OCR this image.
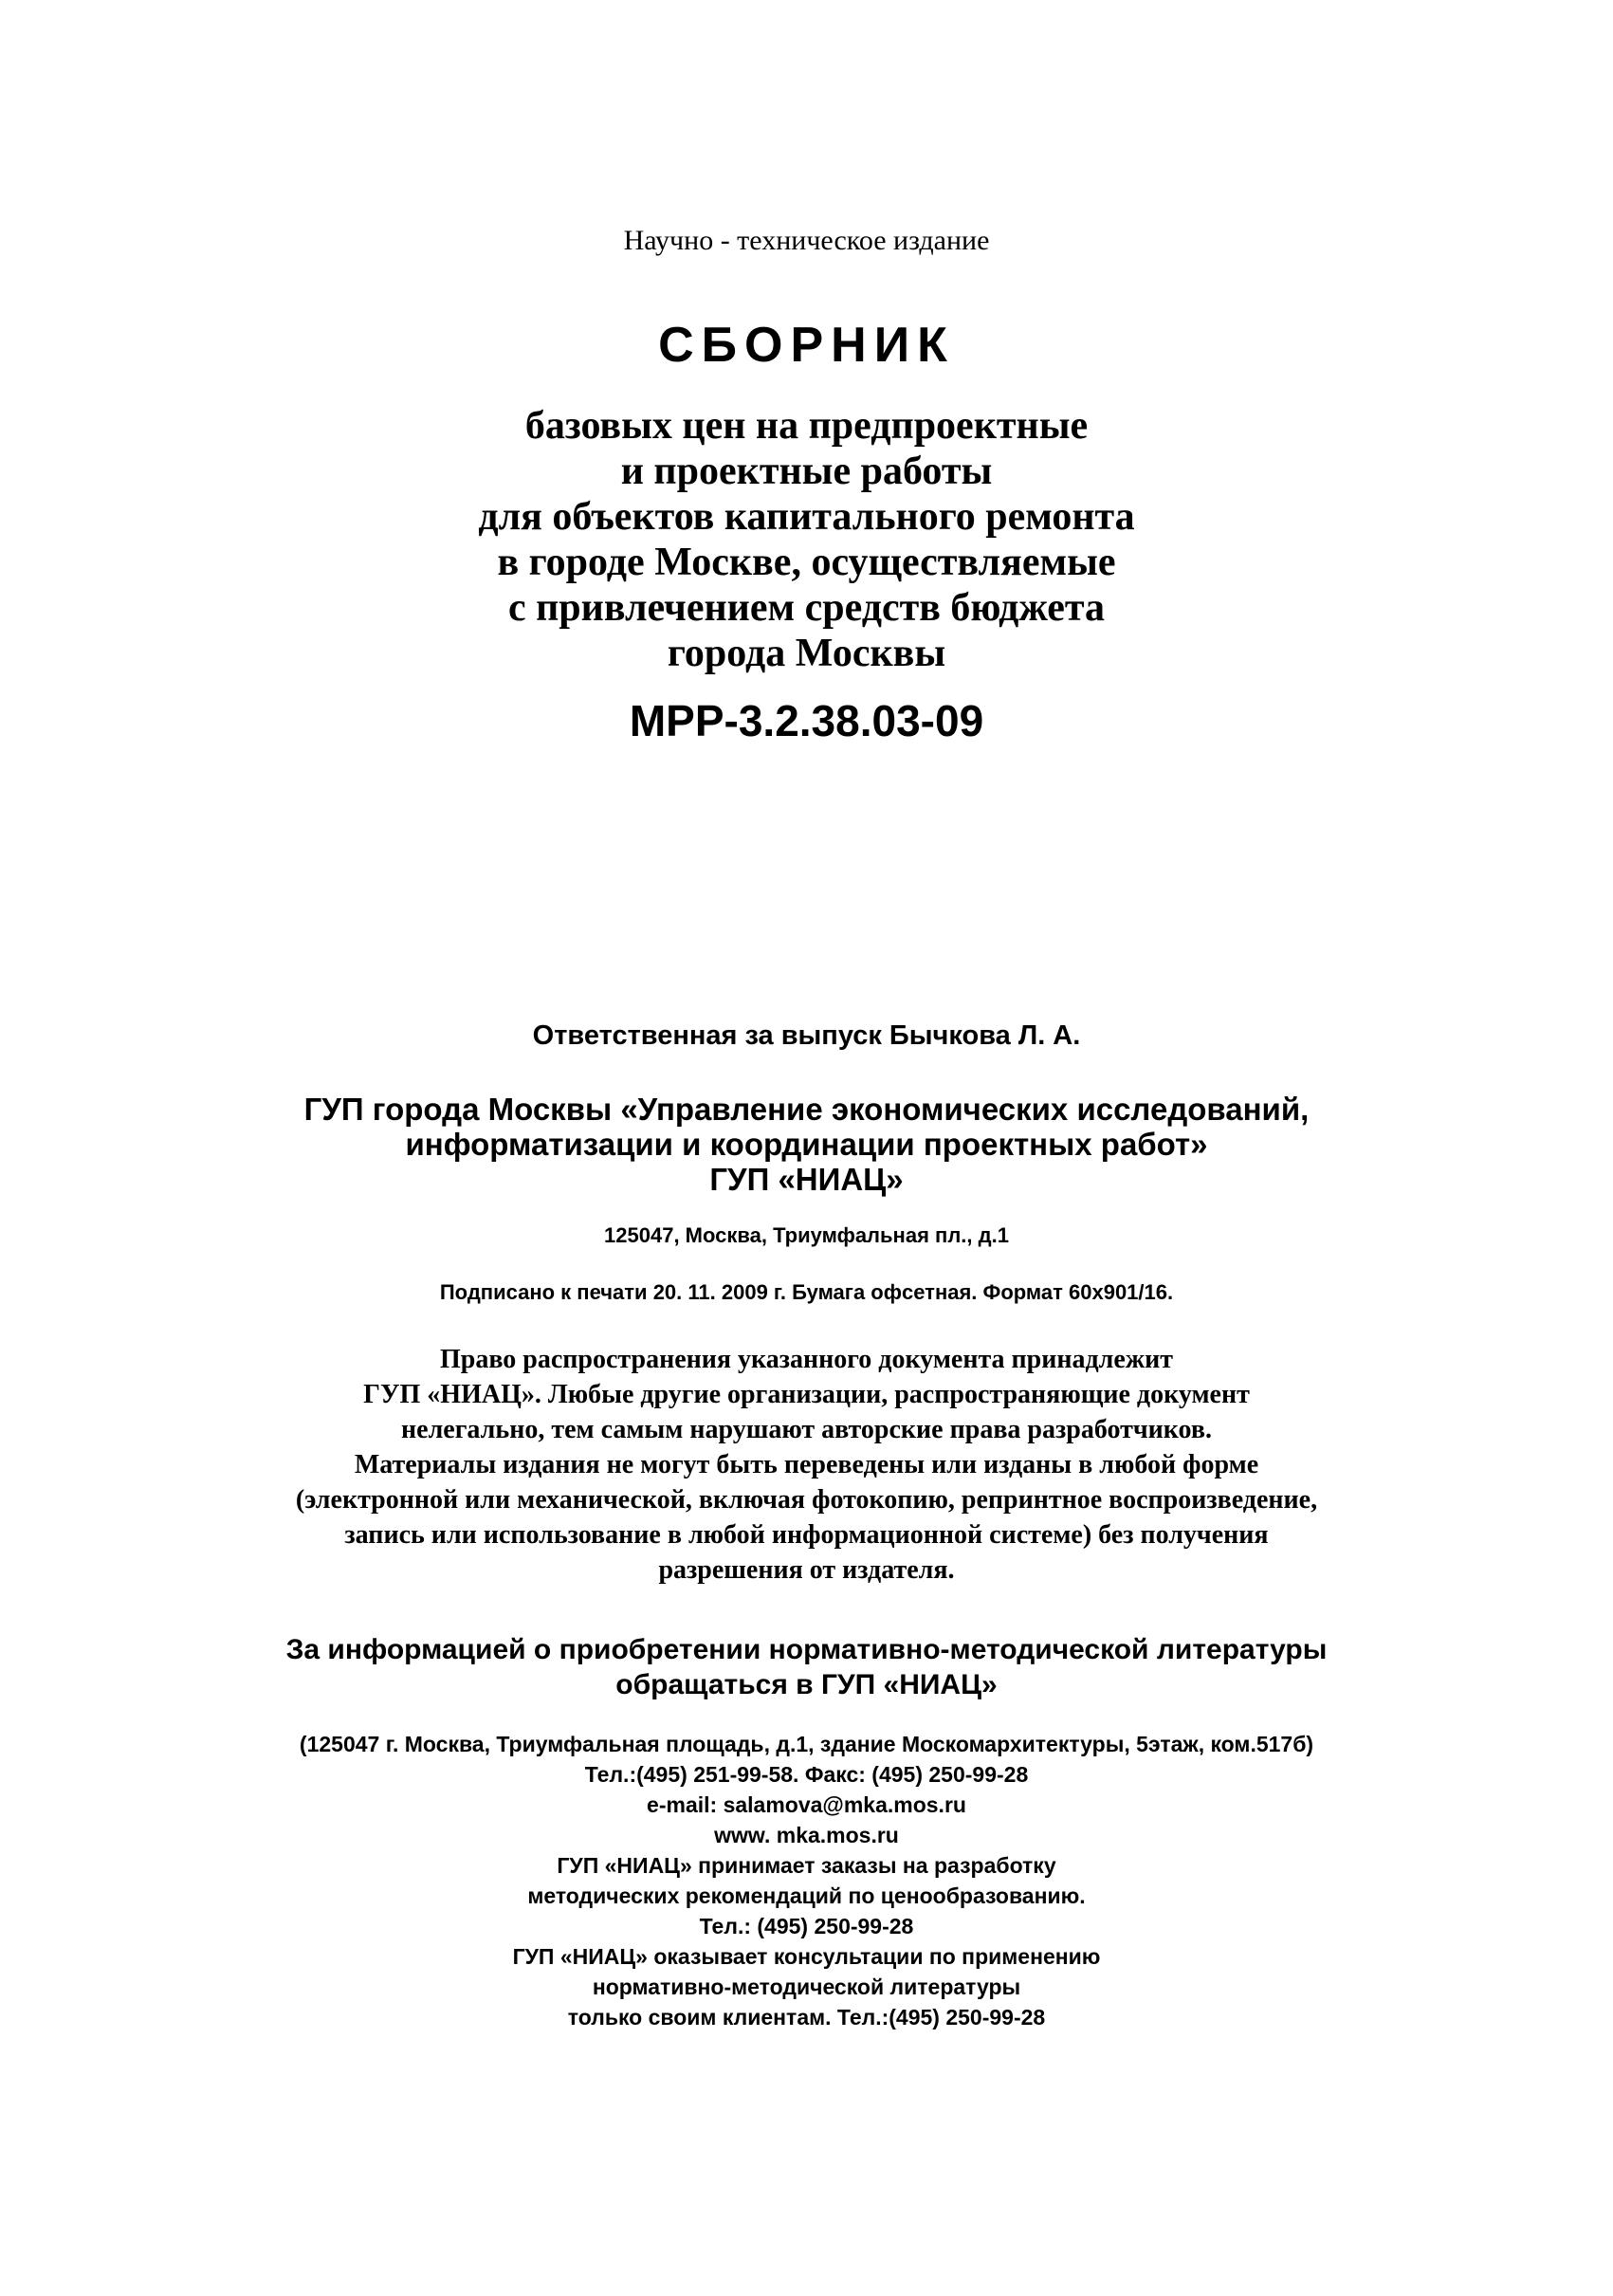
Научно - техническое издание
СБОРНИК
базовых цен на предпроектные
и проектные работы
для объектов капитального ремонта
в городе Москве, осуществляемые
с привлечением средств бюджета
города Москвы
МРР-3.2.38.03-09
Ответственная за выпуск Бычкова Л. А.
ГУП города Москвы «Управление экономических исследований,
информатизации и координации проектных работ»
ГУП «НИАЦ»
125047, Москва, Триумфальная пл., д.1
Подписано к печати 20. 11. 2009 г. Бумага офсетная. Формат 60х901/16.
Право распространения указанного документа принадлежит
ГУП «НИАЦ». Любые другие организации, распространяющие документ
нелегально, тем самым нарушают авторские права разработчиков.
Материалы издания не могут быть переведены или изданы в любой форме
(электронной или механической, включая фотокопию, репринтное воспроизведение,
запись или использование в любой информационной системе) без получения
разрешения от издателя.
За информацией о приобретении нормативно-методической литературы
обращаться в ГУП «НИАЦ»
(125047 г. Москва, Триумфальная площадь, д.1, здание Москомархитектуры, 5этаж, ком.517б)
Тел.:(495) 251-99-58. Факс: (495) 250-99-28
e-mail: salamova@mka.mos.ru
www. mka.mos.ru
ГУП «НИАЦ» принимает заказы на разработку
методических рекомендаций по ценообразованию.
Тел.: (495) 250-99-28
ГУП «НИАЦ» оказывает консультации по применению
нормативно-методической литературы
только своим клиентам. Тел.:(495) 250-99-28
